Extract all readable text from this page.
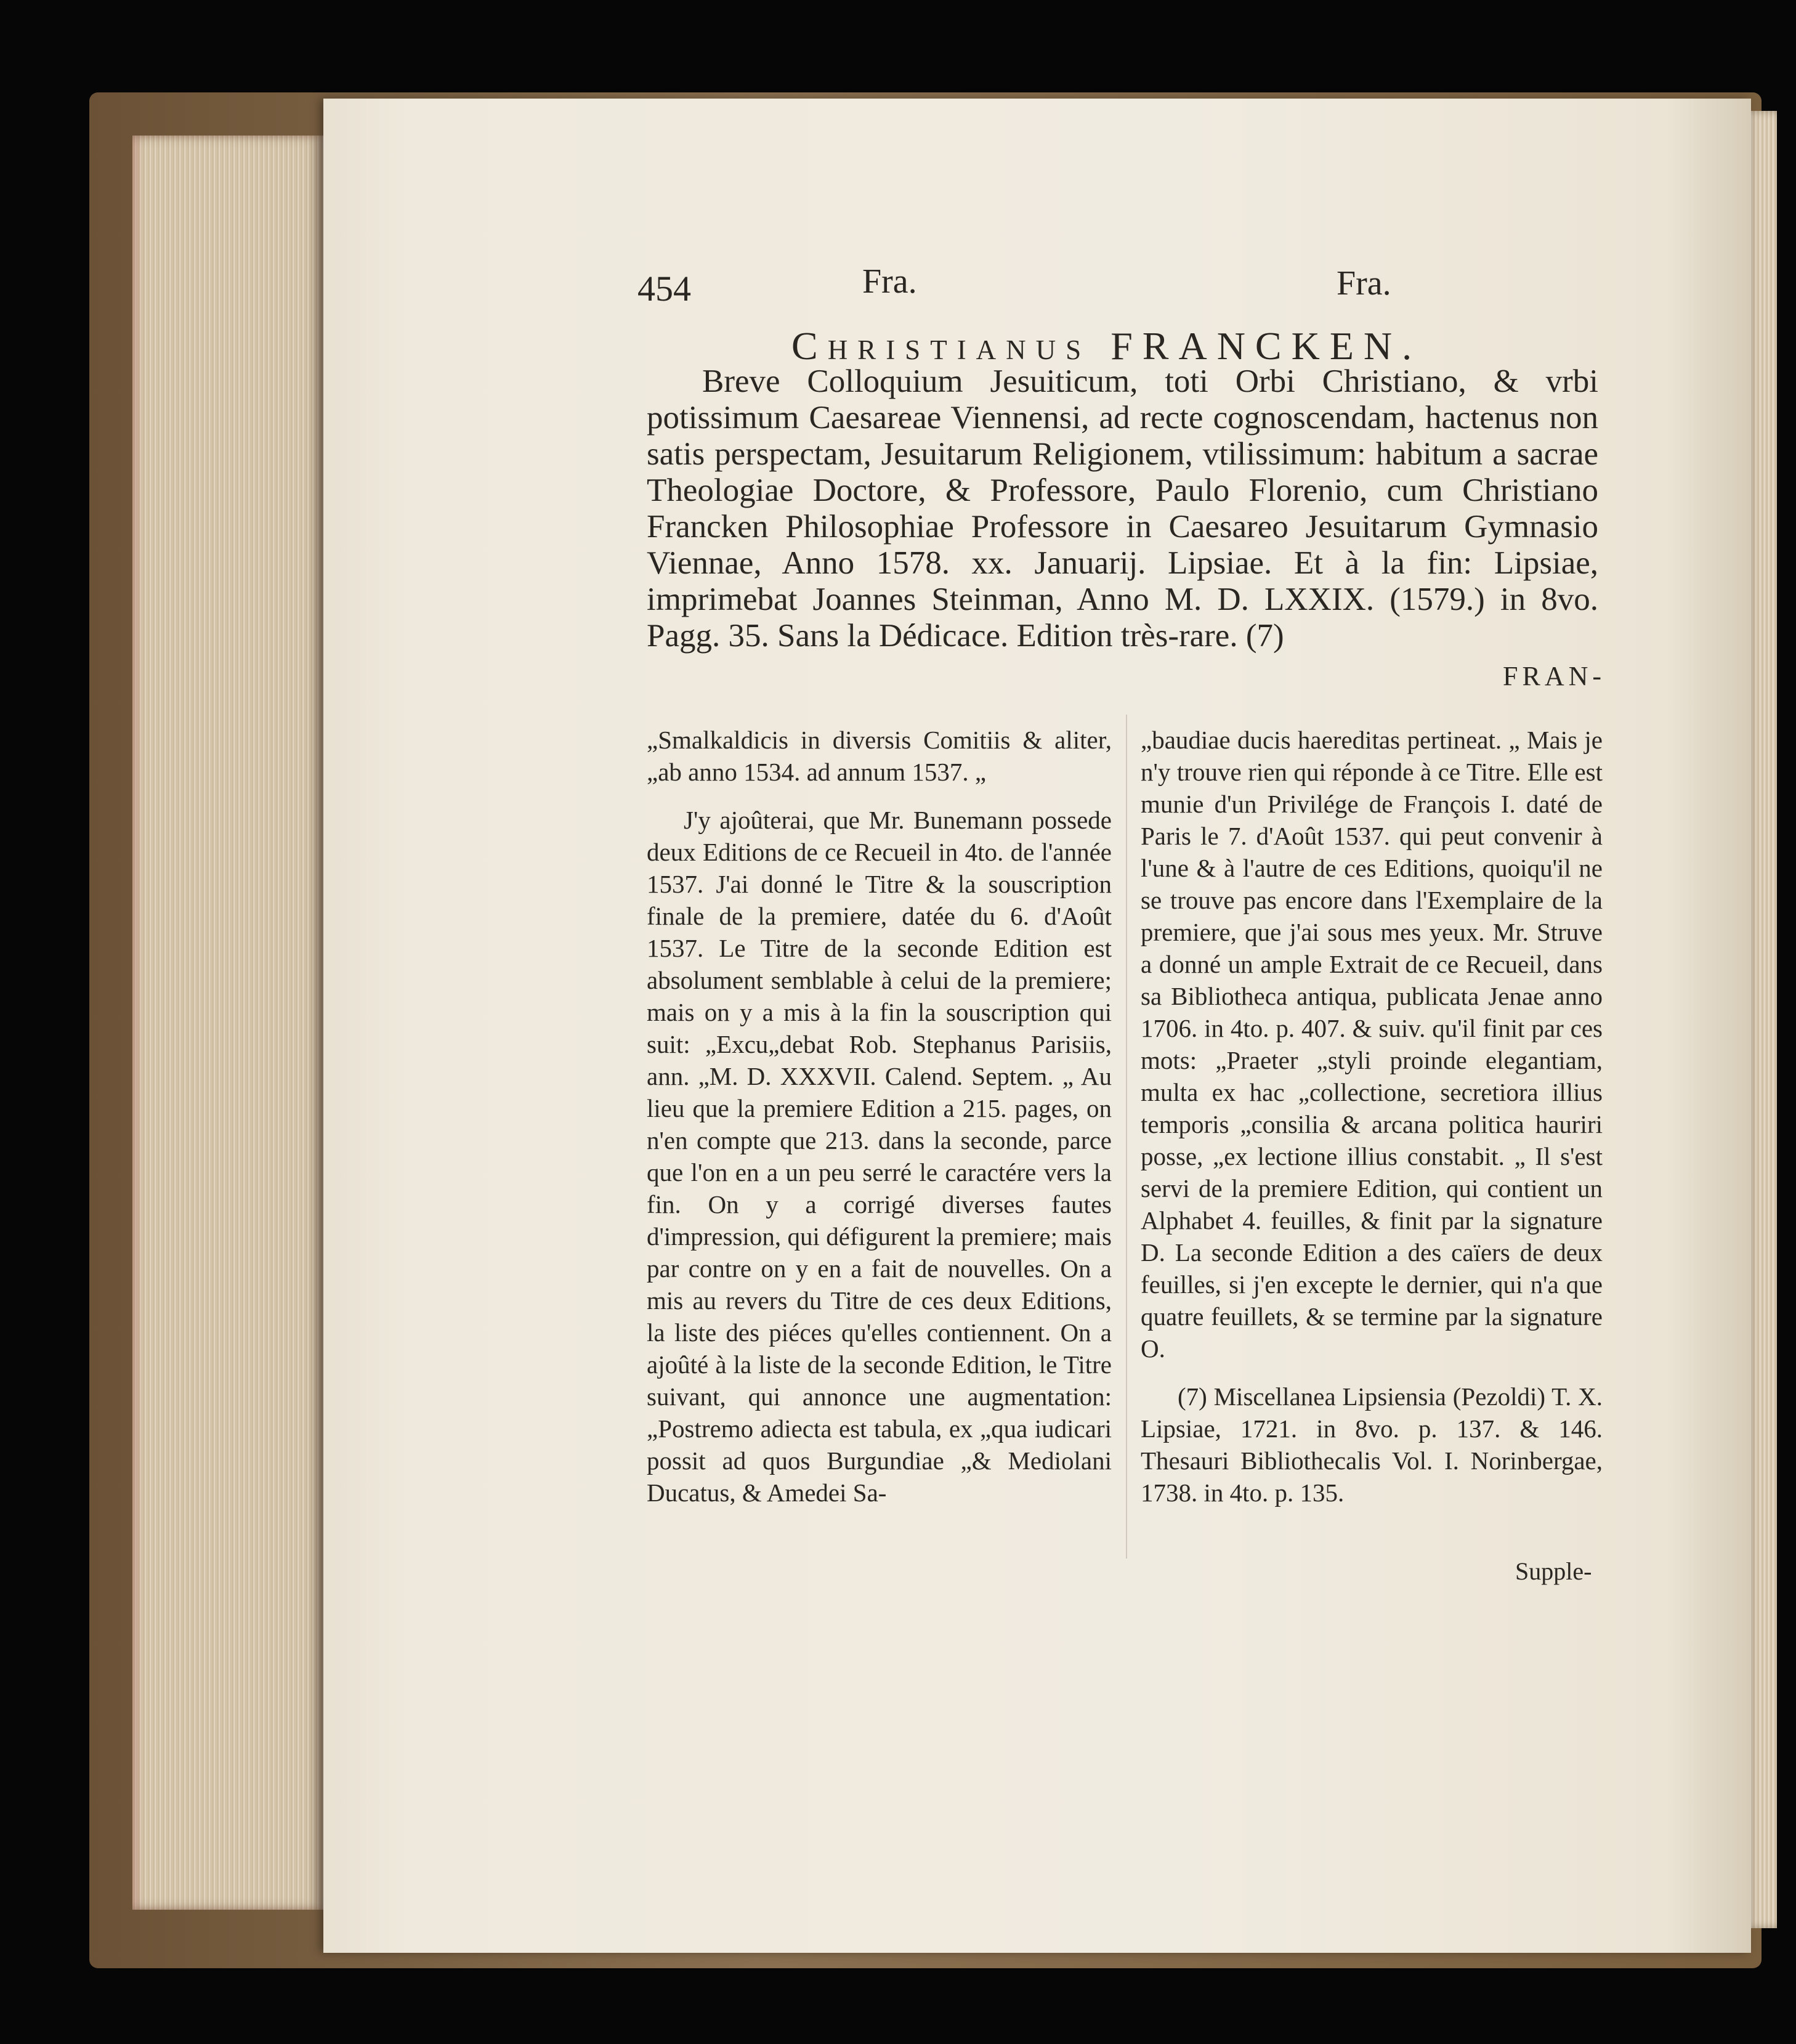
454	Fra.	Fra.
Christianus FRANCKEN.

Breve Colloquium Jesuiticum, toti Orbi Christiano, & vrbi potissimum Caesareae Viennensi, ad recte cognoscendam, hactenus non satis perspectam, Jesuitarum Religionem, vtilissimum: habitum a sacrae Theologiae Doctore, & Professore, Paulo Florenio, cum Christiano Francken Philosophiae Professore in Caesareo Jesuitarum Gymnasio Viennae, Anno 1578. xx. Januarij. Lipsiae. Et à la fin: Lipsiae, imprimebat Joannes Steinman, Anno M. D. LXXIX. (1579.) in 8vo. Pagg. 35. Sans la Dédicace. Edition très-rare. (7)

FRAN-

„Smalkaldicis in diversis Comitiis & aliter, „ab anno 1534. ad annum 1537. „

J'y ajoûterai, que Mr. Bunemann possede deux Editions de ce Recueil in 4to. de l'année 1537. J'ai donné le Titre & la souscription finale de la premiere, datée du 6. d'Août 1537. Le Titre de la seconde Edition est absolument semblable à celui de la premiere; mais on y a mis à la fin la souscription qui suit: „Excu„debat Rob. Stephanus Parisiis, ann. „M. D. XXXVII. Calend. Septem. „ Au lieu que la premiere Edition a 215. pages, on n'en compte que 213. dans la seconde, parce que l'on en a un peu serré le caractére vers la fin. On y a corrigé diverses fautes d'impression, qui défigurent la premiere; mais par contre on y en a fait de nouvelles. On a mis au revers du Titre de ces deux Editions, la liste des piéces qu'elles contiennent. On a ajoûté à la liste de la seconde Edition, le Titre suivant, qui annonce une augmentation: „Postremo adiecta est tabula, ex „qua iudicari possit ad quos Burgundiae „& Mediolani Ducatus, & Amedei Sa-

„baudiae ducis haereditas pertineat. „ Mais je n'y trouve rien qui réponde à ce Titre. Elle est munie d'un Privilége de François I. daté de Paris le 7. d'Août 1537. qui peut convenir à l'une & à l'autre de ces Editions, quoiqu'il ne se trouve pas encore dans l'Exemplaire de la premiere, que j'ai sous mes yeux. Mr. Struve a donné un ample Extrait de ce Recueil, dans sa Bibliotheca antiqua, publicata Jenae anno 1706. in 4to. p. 407. & suiv. qu'il finit par ces mots: „Praeter „styli proinde elegantiam, multa ex hac „collectione, secretiora illius temporis „consilia & arcana politica hauriri posse, „ex lectione illius constabit. „ Il s'est servi de la premiere Edition, qui contient un Alphabet 4. feuilles, & finit par la signature D. La seconde Edition a des caïers de deux feuilles, si j'en excepte le dernier, qui n'a que quatre feuillets, & se termine par la signature O.

(7) Miscellanea Lipsiensia (Pezoldi) T. X. Lipsiae, 1721. in 8vo. p. 137. & 146. Thesauri Bibliothecalis Vol. I. Norinbergae, 1738. in 4to. p. 135.

Supple-
